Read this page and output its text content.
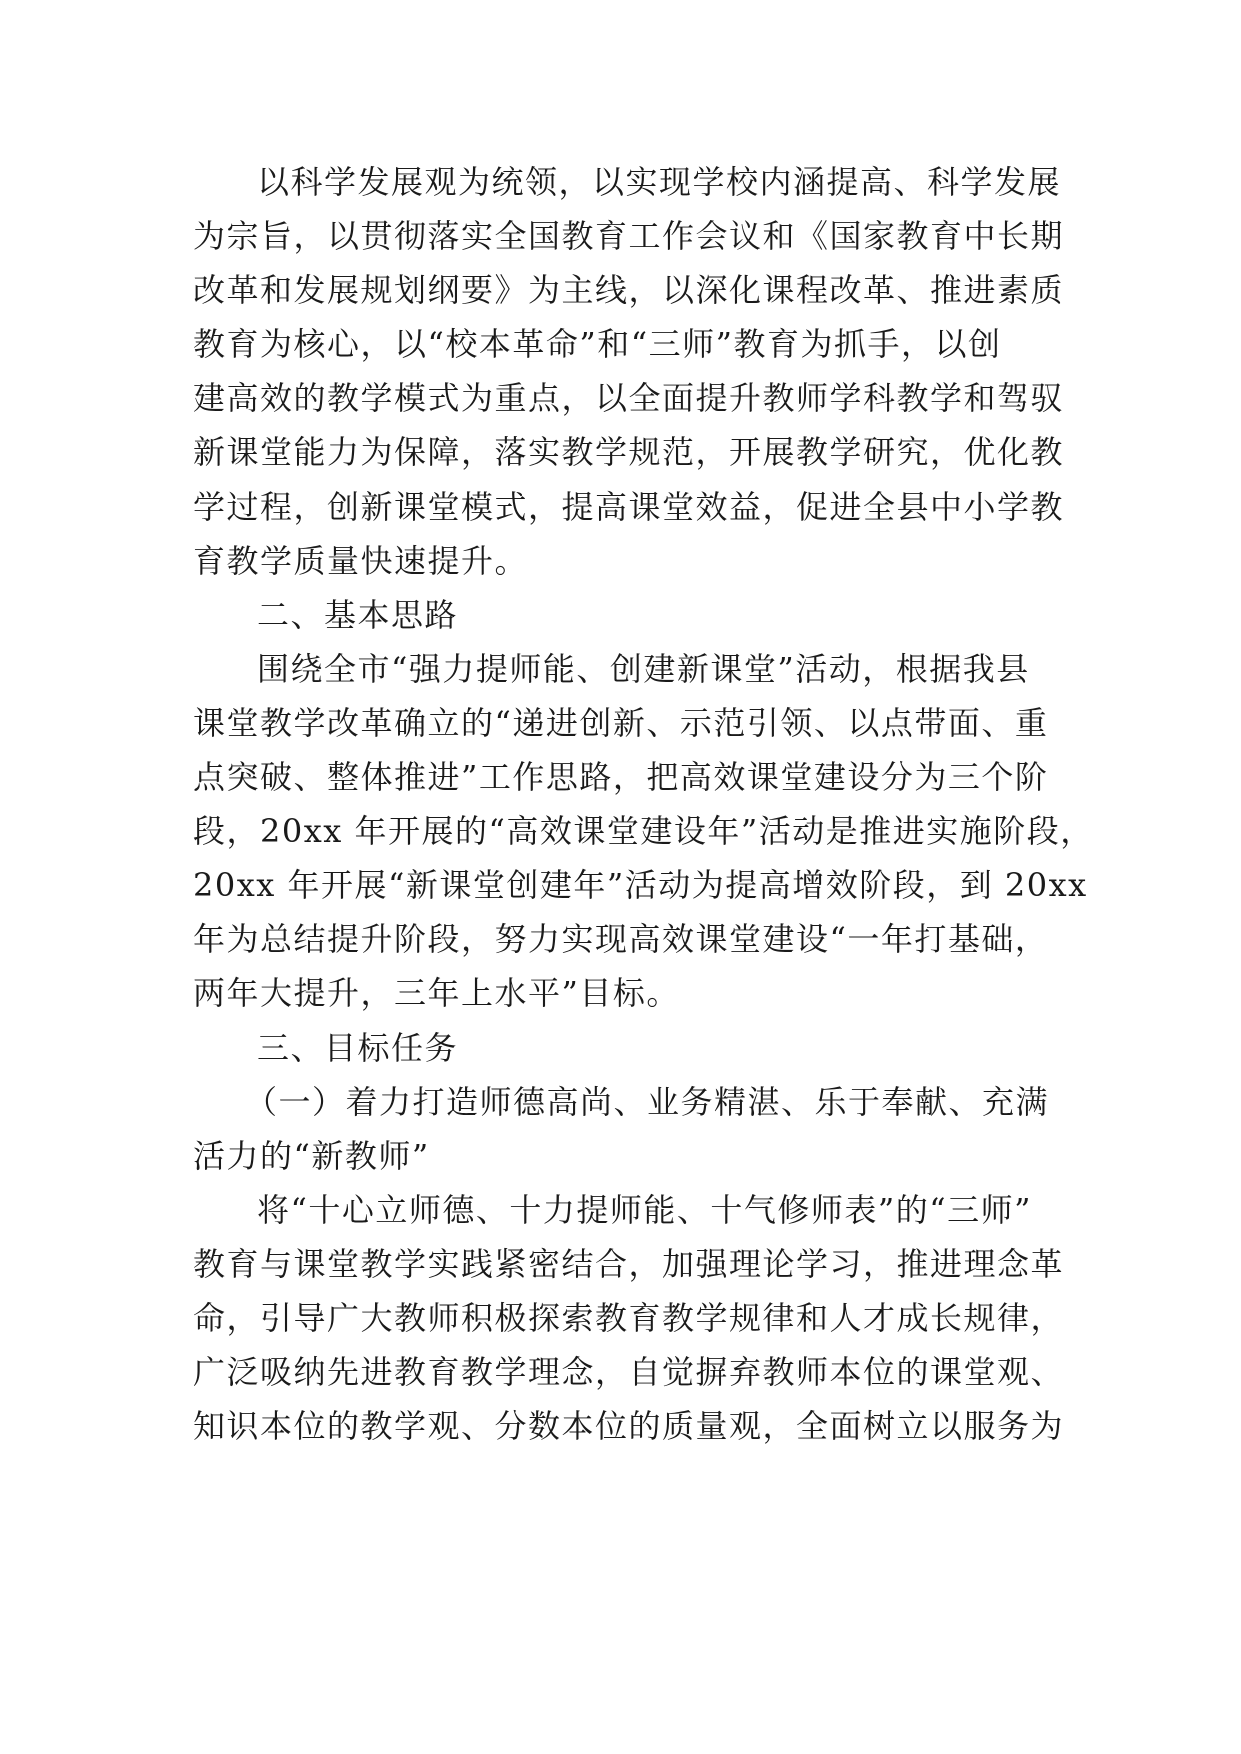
以科学发展观为统领，以实现学校内涵提高、科学发展
为宗旨，以贯彻落实全国教育工作会议和《国家教育中长期
改革和发展规划纲要》为主线，以深化课程改革、推进素质
教育为核心，以“校本革命”和“三师”教育为抓手，以创
建高效的教学模式为重点，以全面提升教师学科教学和驾驭
新课堂能力为保障，落实教学规范，开展教学研究，优化教
学过程，创新课堂模式，提高课堂效益，促进全县中小学教
育教学质量快速提升。
二、基本思路
围绕全市“强力提师能、创建新课堂”活动，根据我县
课堂教学改革确立的“递进创新、示范引领、以点带面、重
点突破、整体推进”工作思路，把高效课堂建设分为三个阶
段，20xx 年开展的“高效课堂建设年”活动是推进实施阶段，
20xx 年开展“新课堂创建年”活动为提高增效阶段，到 20xx
年为总结提升阶段，努力实现高效课堂建设“一年打基础，
两年大提升，三年上水平”目标。
三、目标任务
（一）着力打造师德高尚、业务精湛、乐于奉献、充满
活力的“新教师”
将“十心立师德、十力提师能、十气修师表”的“三师”
教育与课堂教学实践紧密结合，加强理论学习，推进理念革
命，引导广大教师积极探索教育教学规律和人才成长规律，
广泛吸纳先进教育教学理念，自觉摒弃教师本位的课堂观、
知识本位的教学观、分数本位的质量观，全面树立以服务为
